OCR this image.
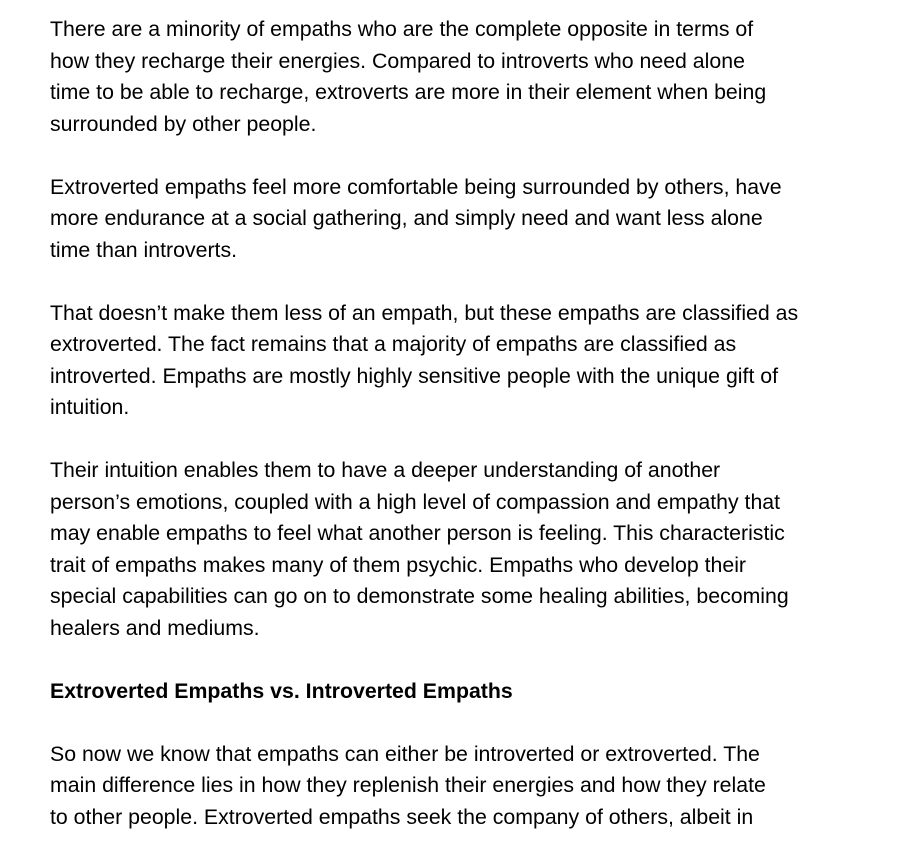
There are a minority of empaths who are the complete opposite in terms of
how they recharge their energies. Compared to introverts who need alone
time to be able to recharge, extroverts are more in their element when being
surrounded by other people.

Extroverted empaths feel more comfortable being surrounded by others, have
more endurance at a social gathering, and simply need and want less alone
time than introverts.

That doesn’t make them less of an empath, but these empaths are classified as
extroverted. The fact remains that a majority of empaths are classified as
introverted. Empaths are mostly highly sensitive people with the unique gift of
intuition.

Their intuition enables them to have a deeper understanding of another
person’s emotions, coupled with a high level of compassion and empathy that
may enable empaths to feel what another person is feeling. This characteristic
trait of empaths makes many of them psychic. Empaths who develop their
special capabilities can go on to demonstrate some healing abilities, becoming
healers and mediums.

Extroverted Empaths vs. Introverted Empaths

So now we know that empaths can either be introverted or extroverted. The
main difference lies in how they replenish their energies and how they relate
to other people. Extroverted empaths seek the company of others, albeit in
